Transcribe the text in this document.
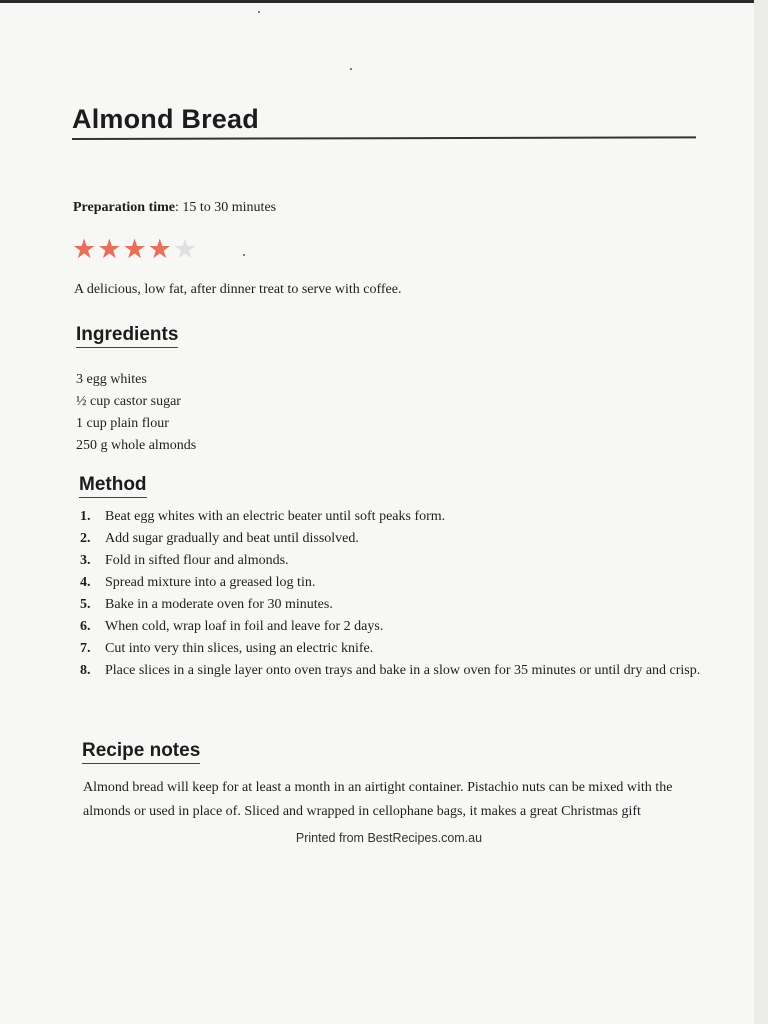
Almond Bread
Preparation time: 15 to 30 minutes
★ ★ ★ ★ ★
A delicious, low fat, after dinner treat to serve with coffee.
Ingredients
3 egg whites
½ cup castor sugar
1 cup plain flour
250 g whole almonds
Method
1.	Beat egg whites with an electric beater until soft peaks form.
2.	Add sugar gradually and beat until dissolved.
3.	Fold in sifted flour and almonds.
4.	Spread mixture into a greased log tin.
5.	Bake in a moderate oven for 30 minutes.
6.	When cold, wrap loaf in foil and leave for 2 days.
7.	Cut into very thin slices, using an electric knife.
8.	Place slices in a single layer onto oven trays and bake in a slow oven for 35 minutes or until dry and crisp.
Recipe notes
Almond bread will keep for at least a month in an airtight container. Pistachio nuts can be mixed with the almonds or used in place of. Sliced and wrapped in cellophane bags, it makes a great Christmas gift
Printed from BestRecipes.com.au
